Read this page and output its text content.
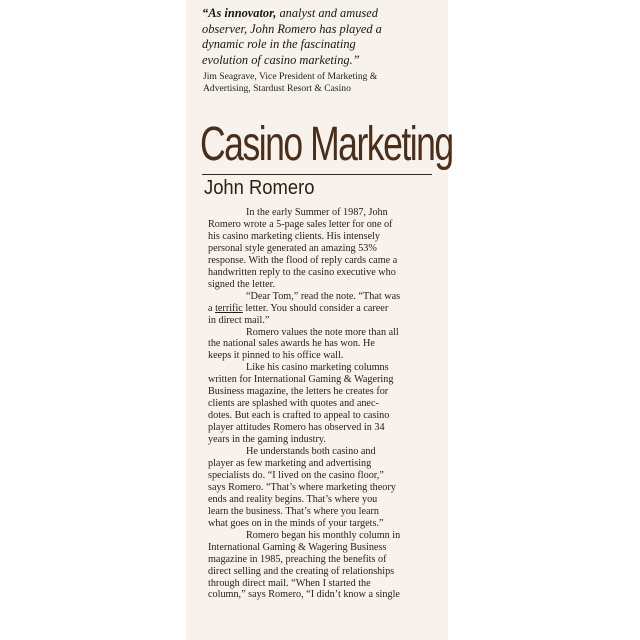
“As innovator, analyst and amused
observer, John Romero has played a
dynamic role in the fascinating
evolution of casino marketing.”

Jim Seagrave, Vice President of Marketing &
Advertising, Stardust Resort & Casino

Casino Marketing
John Romero
In the early Summer of 1987, John
Romero wrote a 5-page sales letter for one of
his casino marketing clients. His intensely
personal style generated an amazing 53%
response. With the flood of reply cards came a
handwritten reply to the casino executive who
signed the letter.
“Dear Tom,” read the note. “That was
a terrific letter. You should consider a career
in direct mail.”
Romero values the note more than all
the national sales awards he has won. He
keeps it pinned to his office wall.
Like his casino marketing columns
written for International Gaming & Wagering
Business magazine, the letters he creates for
clients are splashed with quotes and anec-
dotes. But each is crafted to appeal to casino
player attitudes Romero has observed in 34
years in the gaming industry.
He understands both casino and
player as few marketing and advertising
specialists do. “I lived on the casino floor,”
says Romero. “That’s where marketing theory
ends and reality begins. That’s where you
learn the business. That’s where you learn
what goes on in the minds of your targets.”
Romero began his monthly column in
International Gaming & Wagering Business
magazine in 1985, preaching the benefits of
direct selling and the creating of relationships
through direct mail. “When I started the
column,” says Romero, “I didn’t know a single
